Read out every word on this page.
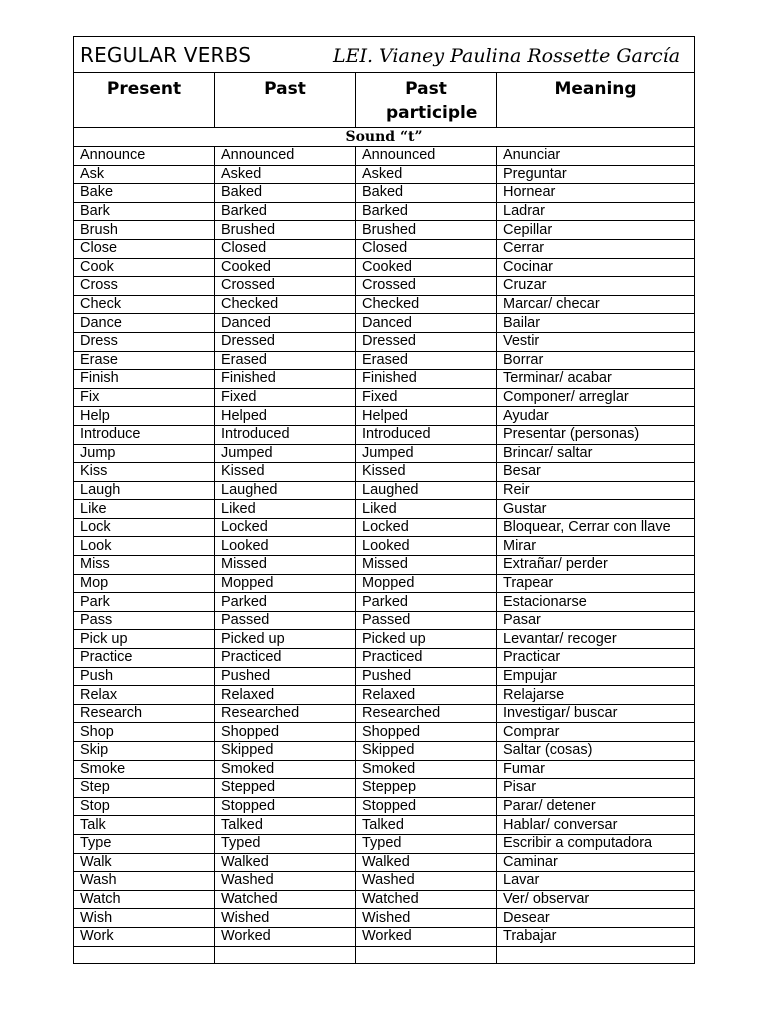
REGULAR VERBS LEI. Vianey Paulina Rossette García			

Present	Past	Past participle	Meaning
Sound “t”			
Announce	Announced	Announced	Anunciar
Ask	Asked	Asked	Preguntar
Bake	Baked	Baked	Hornear
Bark	Barked	Barked	Ladrar
Brush	Brushed	Brushed	Cepillar
Close	Closed	Closed	Cerrar
Cook	Cooked	Cooked	Cocinar
Cross	Crossed	Crossed	Cruzar
Check	Checked	Checked	Marcar/ checar
Dance	Danced	Danced	Bailar
Dress	Dressed	Dressed	Vestir
Erase	Erased	Erased	Borrar
Finish	Finished	Finished	Terminar/ acabar
Fix	Fixed	Fixed	Componer/ arreglar
Help	Helped	Helped	Ayudar
Introduce	Introduced	Introduced	Presentar (personas)
Jump	Jumped	Jumped	Brincar/ saltar
Kiss	Kissed	Kissed	Besar
Laugh	Laughed	Laughed	Reir
Like	Liked	Liked	Gustar
Lock	Locked	Locked	Bloquear, Cerrar con llave
Look	Looked	Looked	Mirar
Miss	Missed	Missed	Extrañar/ perder
Mop	Mopped	Mopped	Trapear
Park	Parked	Parked	Estacionarse
Pass	Passed	Passed	Pasar
Pick up	Picked up	Picked up	Levantar/ recoger
Practice	Practiced	Practiced	Practicar
Push	Pushed	Pushed	Empujar
Relax	Relaxed	Relaxed	Relajarse
Research	Researched	Researched	Investigar/ buscar
Shop	Shopped	Shopped	Comprar
Skip	Skipped	Skipped	Saltar (cosas)
Smoke	Smoked	Smoked	Fumar
Step	Stepped	Steppep	Pisar
Stop	Stopped	Stopped	Parar/ detener
Talk	Talked	Talked	Hablar/ conversar
Type	Typed	Typed	Escribir a computadora
Walk	Walked	Walked	Caminar
Wash	Washed	Washed	Lavar
Watch	Watched	Watched	Ver/ observar
Wish	Wished	Wished	Desear
Work	Worked	Worked	Trabajar
